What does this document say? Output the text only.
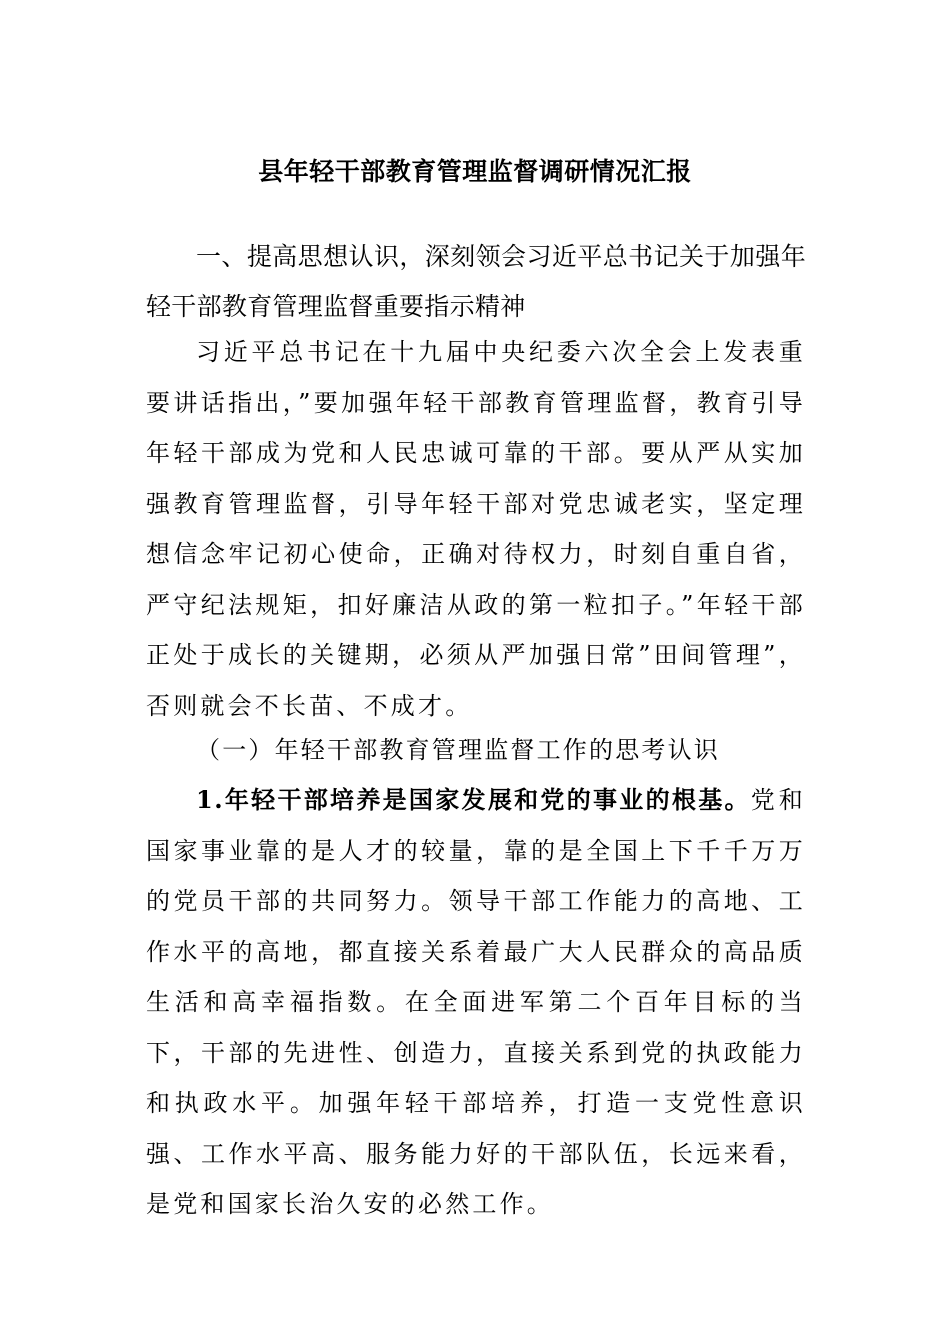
县年轻干部教育管理监督调研情况汇报
一、提高思想认识，深刻领会习近平总书记关于加强年轻干部教育管理监督重要指示精神
习近平总书记在十九届中央纪委六次全会上发表重要讲话指出，”要加强年轻干部教育管理监督，教育引导年轻干部成为党和人民忠诚可靠的干部。要从严从实加强教育管理监督，引导年轻干部对党忠诚老实，坚定理想信念牢记初心使命，正确对待权力，时刻自重自省，严守纪法规矩，扣好廉洁从政的第一粒扣子。”年轻干部正处于成长的关键期，必须从严加强日常”田间管理”，否则就会不长苗、不成才。
（一）年轻干部教育管理监督工作的思考认识
1.年轻干部培养是国家发展和党的事业的根基。党和国家事业靠的是人才的较量，靠的是全国上下千千万万的党员干部的共同努力。领导干部工作能力的高地、工作水平的高地，都直接关系着最广大人民群众的高品质生活和高幸福指数。在全面进军第二个百年目标的当下，干部的先进性、创造力，直接关系到党的执政能力和执政水平。加强年轻干部培养，打造一支党性意识强、工作水平高、服务能力好的干部队伍，长远来看，是党和国家长治久安的必然工作。
